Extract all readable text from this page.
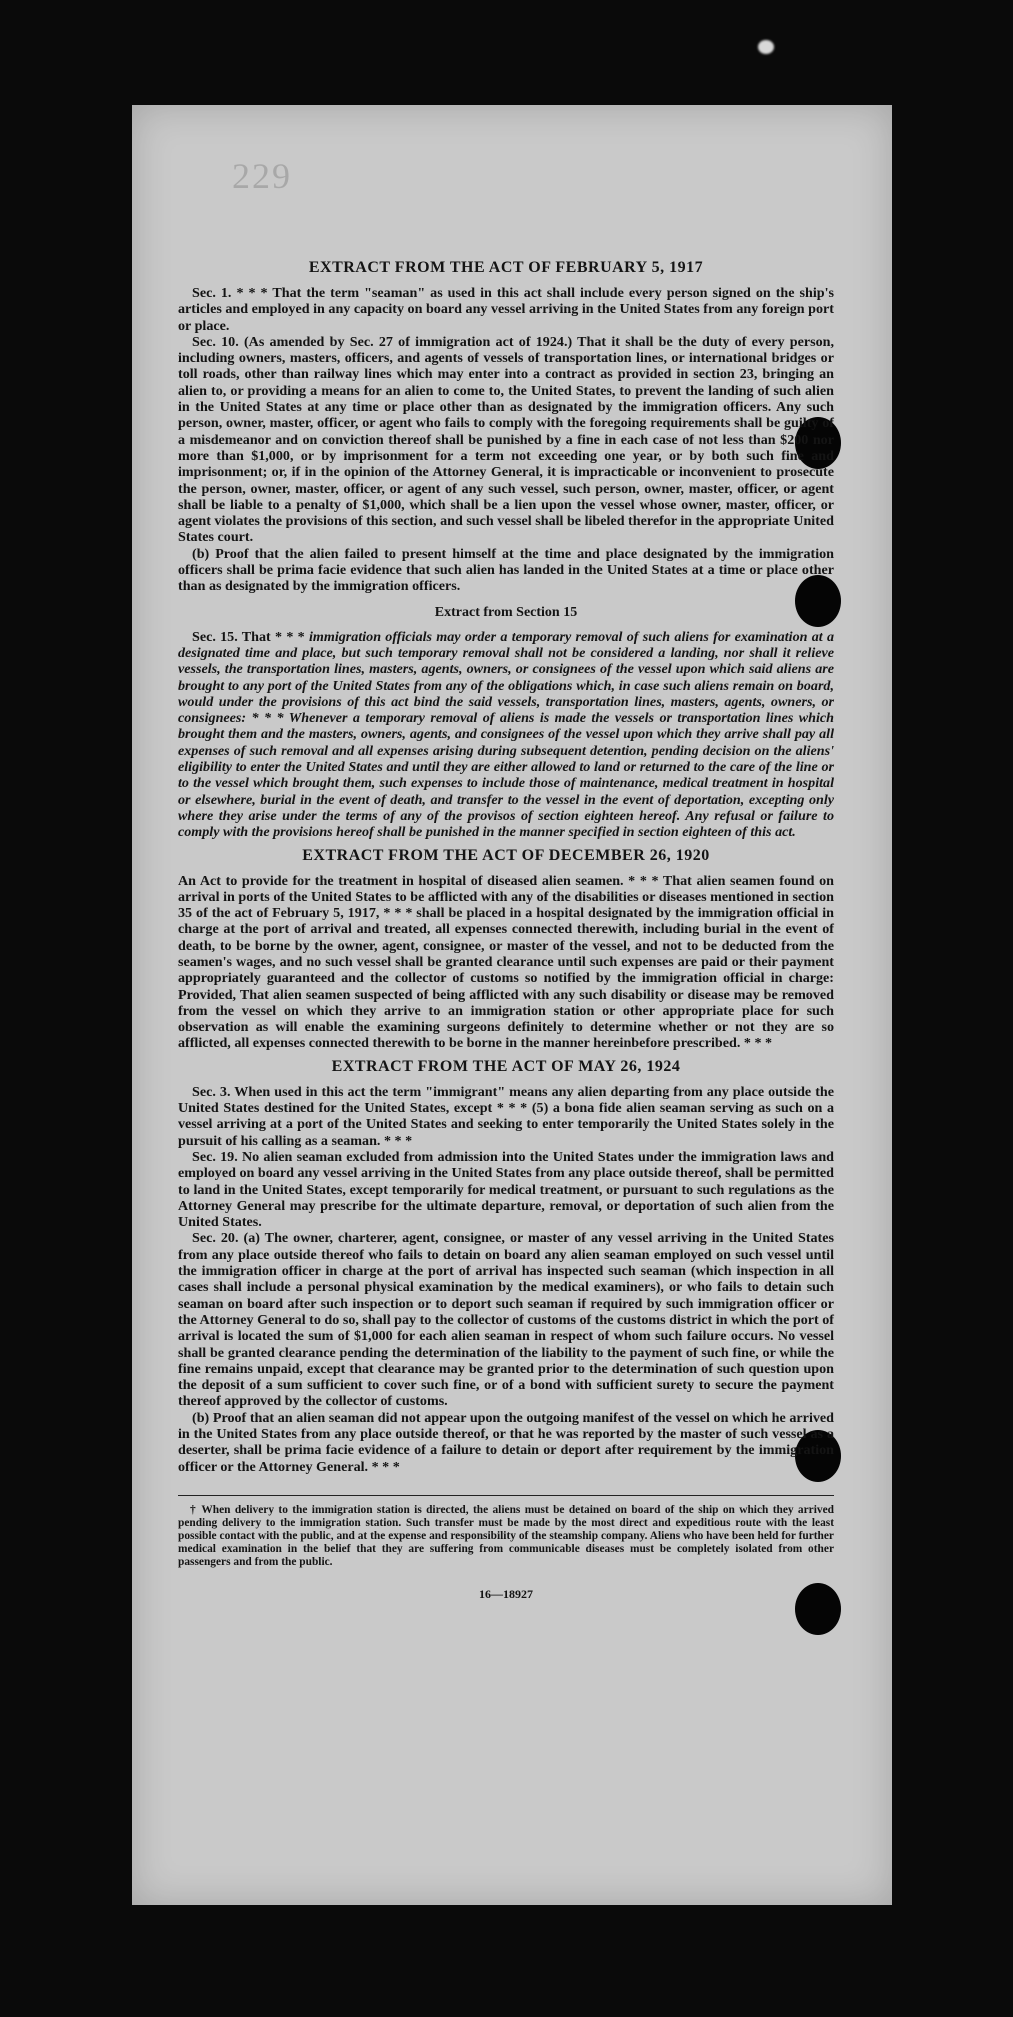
229
EXTRACT FROM THE ACT OF FEBRUARY 5, 1917

Sec. 1. * * * That the term "seaman" as used in this act shall include every person signed on the ship's articles and employed in any capacity on board any vessel arriving in the United States from any foreign port or place.

Sec. 10. (As amended by Sec. 27 of immigration act of 1924.) That it shall be the duty of every person, including owners, masters, officers, and agents of vessels of transportation lines, or international bridges or toll roads, other than railway lines which may enter into a contract as provided in section 23, bringing an alien to, or providing a means for an alien to come to, the United States, to prevent the landing of such alien in the United States at any time or place other than as designated by the immigration officers. Any such person, owner, master, officer, or agent who fails to comply with the foregoing requirements shall be guilty of a misdemeanor and on conviction thereof shall be punished by a fine in each case of not less than $200 nor more than $1,000, or by imprisonment for a term not exceeding one year, or by both such fine and imprisonment; or, if in the opinion of the Attorney General, it is impracticable or inconvenient to prosecute the person, owner, master, officer, or agent of any such vessel, such person, owner, master, officer, or agent shall be liable to a penalty of $1,000, which shall be a lien upon the vessel whose owner, master, officer, or agent violates the provisions of this section, and such vessel shall be libeled therefor in the appropriate United States court.

(b) Proof that the alien failed to present himself at the time and place designated by the immigration officers shall be prima facie evidence that such alien has landed in the United States at a time or place other than as designated by the immigration officers.

Extract from Section 15

Sec. 15. That * * * immigration officials may order a temporary removal of such aliens for examination at a designated time and place, but such temporary removal shall not be considered a landing, nor shall it relieve vessels, the transportation lines, masters, agents, owners, or consignees of the vessel upon which said aliens are brought to any port of the United States from any of the obligations which, in case such aliens remain on board, would under the provisions of this act bind the said vessels, transportation lines, masters, agents, owners, or consignees: * * * Whenever a temporary removal of aliens is made the vessels or transportation lines which brought them and the masters, owners, agents, and consignees of the vessel upon which they arrive shall pay all expenses of such removal and all expenses arising during subsequent detention, pending decision on the aliens' eligibility to enter the United States and until they are either allowed to land or returned to the care of the line or to the vessel which brought them, such expenses to include those of maintenance, medical treatment in hospital or elsewhere, burial in the event of death, and transfer to the vessel in the event of deportation, excepting only where they arise under the terms of any of the provisos of section eighteen hereof. Any refusal or failure to comply with the provisions hereof shall be punished in the manner specified in section eighteen of this act.

EXTRACT FROM THE ACT OF DECEMBER 26, 1920

An Act to provide for the treatment in hospital of diseased alien seamen. * * * That alien seamen found on arrival in ports of the United States to be afflicted with any of the disabilities or diseases mentioned in section 35 of the act of February 5, 1917, * * * shall be placed in a hospital designated by the immigration official in charge at the port of arrival and treated, all expenses connected therewith, including burial in the event of death, to be borne by the owner, agent, consignee, or master of the vessel, and not to be deducted from the seamen's wages, and no such vessel shall be granted clearance until such expenses are paid or their payment appropriately guaranteed and the collector of customs so notified by the immigration official in charge: Provided, That alien seamen suspected of being afflicted with any such disability or disease may be removed from the vessel on which they arrive to an immigration station or other appropriate place for such observation as will enable the examining surgeons definitely to determine whether or not they are so afflicted, all expenses connected therewith to be borne in the manner hereinbefore prescribed. * * *

EXTRACT FROM THE ACT OF MAY 26, 1924

Sec. 3. When used in this act the term "immigrant" means any alien departing from any place outside the United States destined for the United States, except * * * (5) a bona fide alien seaman serving as such on a vessel arriving at a port of the United States and seeking to enter temporarily the United States solely in the pursuit of his calling as a seaman. * * *

Sec. 19. No alien seaman excluded from admission into the United States under the immigration laws and employed on board any vessel arriving in the United States from any place outside thereof, shall be permitted to land in the United States, except temporarily for medical treatment, or pursuant to such regulations as the Attorney General may prescribe for the ultimate departure, removal, or deportation of such alien from the United States.

Sec. 20. (a) The owner, charterer, agent, consignee, or master of any vessel arriving in the United States from any place outside thereof who fails to detain on board any alien seaman employed on such vessel until the immigration officer in charge at the port of arrival has inspected such seaman (which inspection in all cases shall include a personal physical examination by the medical examiners), or who fails to detain such seaman on board after such inspection or to deport such seaman if required by such immigration officer or the Attorney General to do so, shall pay to the collector of customs of the customs district in which the port of arrival is located the sum of $1,000 for each alien seaman in respect of whom such failure occurs. No vessel shall be granted clearance pending the determination of the liability to the payment of such fine, or while the fine remains unpaid, except that clearance may be granted prior to the determination of such question upon the deposit of a sum sufficient to cover such fine, or of a bond with sufficient surety to secure the payment thereof approved by the collector of customs.

(b) Proof that an alien seaman did not appear upon the outgoing manifest of the vessel on which he arrived in the United States from any place outside thereof, or that he was reported by the master of such vessel as a deserter, shall be prima facie evidence of a failure to detain or deport after requirement by the immigration officer or the Attorney General. * * *

† When delivery to the immigration station is directed, the aliens must be detained on board of the ship on which they arrived pending delivery to the immigration station. Such transfer must be made by the most direct and expeditious route with the least possible contact with the public, and at the expense and responsibility of the steamship company. Aliens who have been held for further medical examination in the belief that they are suffering from communicable diseases must be completely isolated from other passengers and from the public.

16—18927
